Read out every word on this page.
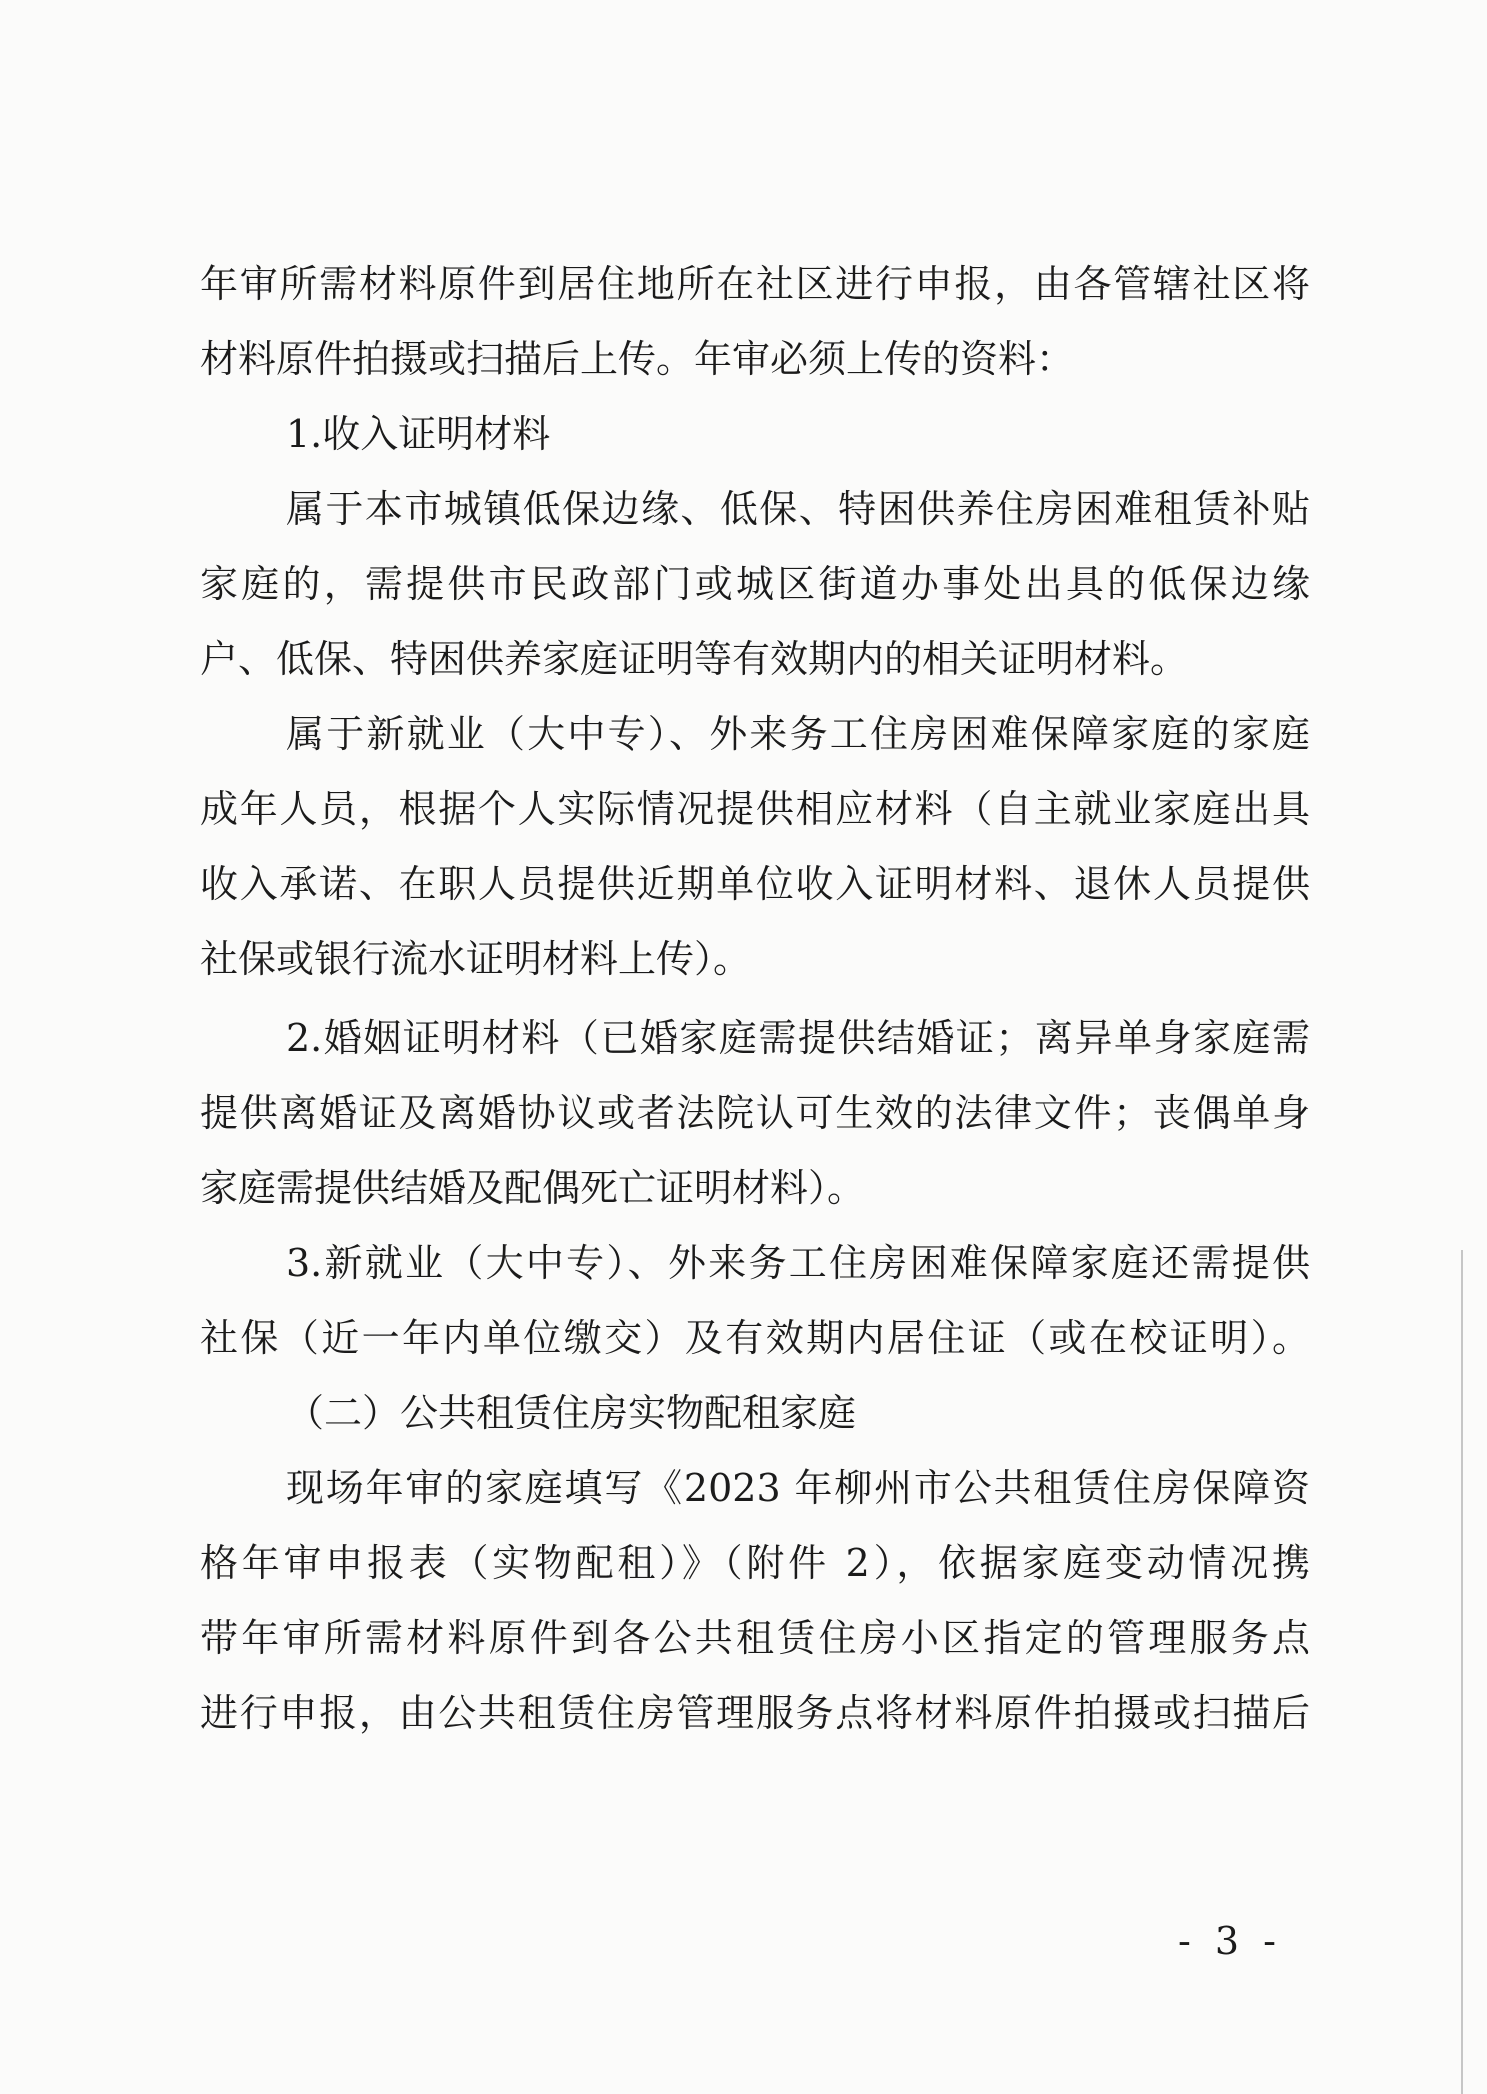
年审所需材料原件到居住地所在社区进行申报，由各管辖社区将
材料原件拍摄或扫描后上传。年审必须上传的资料：
1.收入证明材料
属于本市城镇低保边缘、低保、特困供养住房困难租赁补贴
家庭的，需提供市民政部门或城区街道办事处出具的低保边缘
户、低保、特困供养家庭证明等有效期内的相关证明材料。
属于新就业（大中专）、外来务工住房困难保障家庭的家庭
成年人员，根据个人实际情况提供相应材料（自主就业家庭出具
收入承诺、在职人员提供近期单位收入证明材料、退休人员提供
社保或银行流水证明材料上传）。
2.婚姻证明材料（已婚家庭需提供结婚证；离异单身家庭需
提供离婚证及离婚协议或者法院认可生效的法律文件；丧偶单身
家庭需提供结婚及配偶死亡证明材料）。
3.新就业（大中专）、外来务工住房困难保障家庭还需提供
社保（近一年内单位缴交）及有效期内居住证（或在校证明）。
（二）公共租赁住房实物配租家庭
现场年审的家庭填写《2023 年柳州市公共租赁住房保障资
格年审申报表（实物配租）》（附件 2），依据家庭变动情况携
带年审所需材料原件到各公共租赁住房小区指定的管理服务点
进行申报，由公共租赁住房管理服务点将材料原件拍摄或扫描后
- 3 -
